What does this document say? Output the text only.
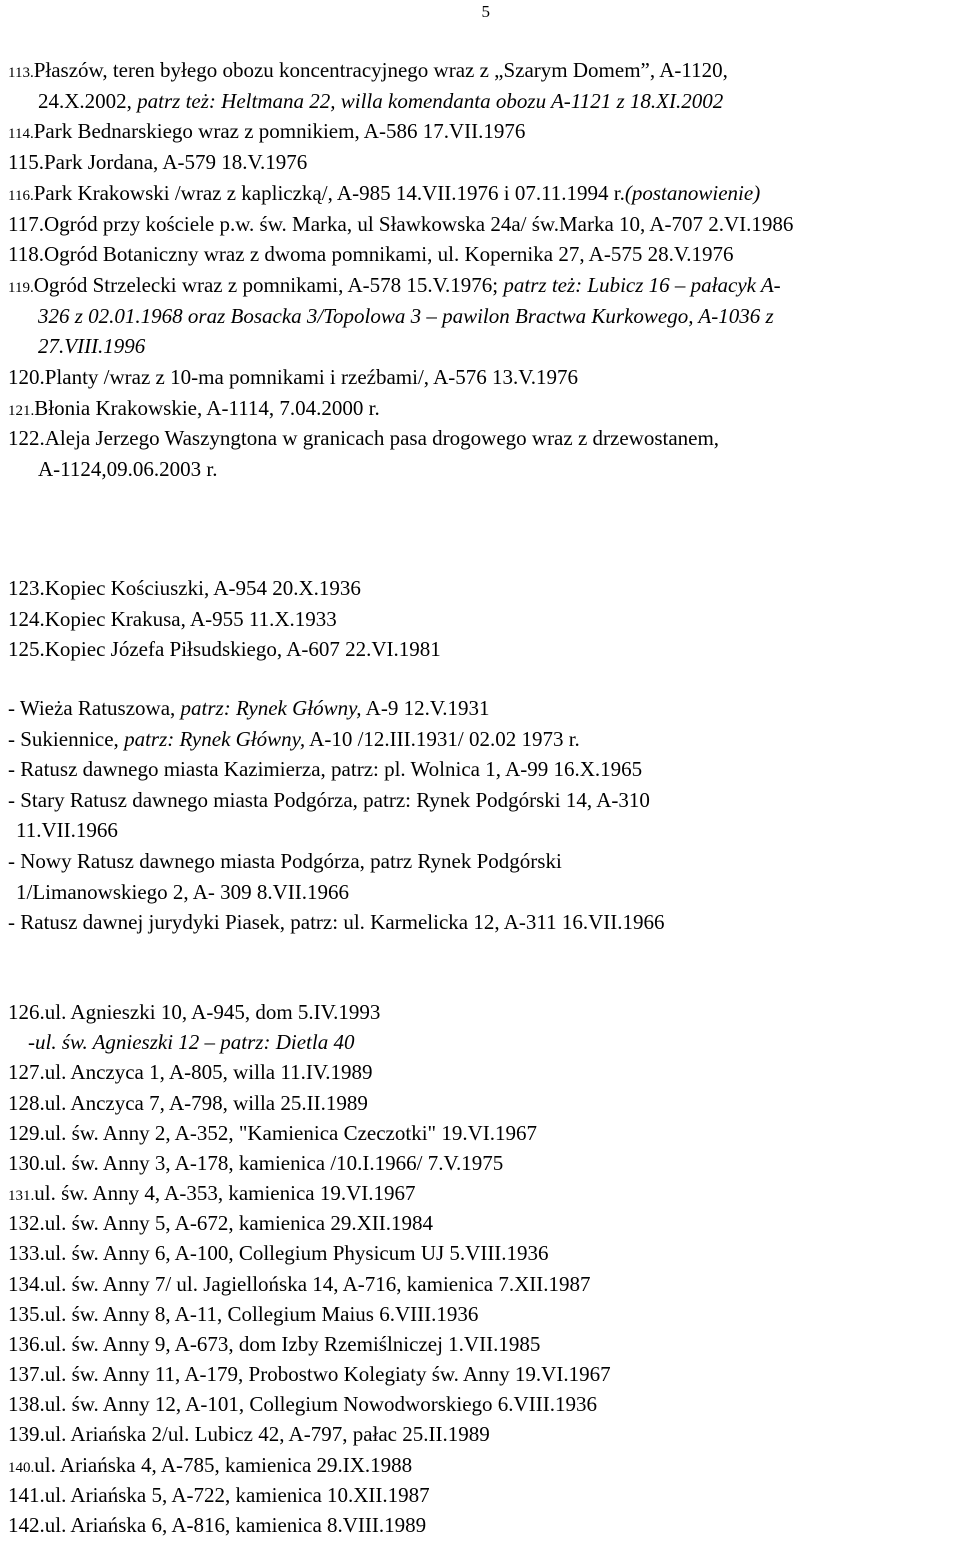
5
113.Płaszów, teren byłego obozu koncentracyjnego wraz z „Szarym Domem”, A-1120,
24.X.2002, patrz też: Heltmana 22, willa komendanta obozu A-1121 z 18.XI.2002
114.Park Bednarskiego wraz z pomnikiem, A-586 17.VII.1976
115.Park Jordana, A-579 18.V.1976
116.Park Krakowski /wraz z kapliczką/, A-985 14.VII.1976 i 07.11.1994 r.(postanowienie)
117.Ogród przy kościele p.w. św. Marka, ul Sławkowska 24a/ św.Marka 10, A-707 2.VI.1986
118.Ogród Botaniczny wraz z dwoma pomnikami, ul. Kopernika 27, A-575 28.V.1976
119.Ogród Strzelecki wraz z pomnikami, A-578 15.V.1976; patrz też: Lubicz 16 – pałacyk A-
326 z 02.01.1968 oraz Bosacka 3/Topolowa 3 – pawilon Bractwa Kurkowego, A-1036 z
27.VIII.1996
120.Planty /wraz z 10-ma pomnikami i rzeźbami/, A-576 13.V.1976
121.Błonia Krakowskie, A-1114, 7.04.2000 r.
122.Aleja Jerzego Waszyngtona w granicach pasa drogowego wraz z drzewostanem,
A-1124,09.06.2003 r.
123.Kopiec Kościuszki, A-954 20.X.1936
124.Kopiec Krakusa, A-955 11.X.1933
125.Kopiec Józefa Piłsudskiego, A-607 22.VI.1981
- Wieża Ratuszowa, patrz: Rynek Główny, A-9 12.V.1931
- Sukiennice, patrz: Rynek Główny, A-10 /12.III.1931/ 02.02 1973 r.
- Ratusz dawnego miasta Kazimierza, patrz: pl. Wolnica 1, A-99 16.X.1965
- Stary Ratusz dawnego miasta Podgórza, patrz: Rynek Podgórski 14, A-310
11.VII.1966
- Nowy Ratusz dawnego miasta Podgórza, patrz Rynek Podgórski
1/Limanowskiego 2, A- 309 8.VII.1966
- Ratusz dawnej jurydyki Piasek, patrz: ul. Karmelicka 12, A-311 16.VII.1966
126.ul. Agnieszki 10, A-945, dom 5.IV.1993
-ul. św. Agnieszki 12 – patrz: Dietla 40
127.ul. Anczyca 1, A-805, willa 11.IV.1989
128.ul. Anczyca 7, A-798, willa 25.II.1989
129.ul. św. Anny 2, A-352, "Kamienica Czeczotki" 19.VI.1967
130.ul. św. Anny 3, A-178, kamienica /10.I.1966/ 7.V.1975
131.ul. św. Anny 4, A-353, kamienica 19.VI.1967
132.ul. św. Anny 5, A-672, kamienica 29.XII.1984
133.ul. św. Anny 6, A-100, Collegium Physicum UJ 5.VIII.1936
134.ul. św. Anny 7/ ul. Jagiellońska 14, A-716, kamienica 7.XII.1987
135.ul. św. Anny 8, A-11, Collegium Maius 6.VIII.1936
136.ul. św. Anny 9, A-673, dom Izby Rzemiślniczej 1.VII.1985
137.ul. św. Anny 11, A-179, Probostwo Kolegiaty św. Anny 19.VI.1967
138.ul. św. Anny 12, A-101, Collegium Nowodworskiego 6.VIII.1936
139.ul. Ariańska 2/ul. Lubicz 42, A-797, pałac 25.II.1989
140.ul. Ariańska 4, A-785, kamienica 29.IX.1988
141.ul. Ariańska 5, A-722, kamienica 10.XII.1987
142.ul. Ariańska 6, A-816, kamienica 8.VIII.1989
